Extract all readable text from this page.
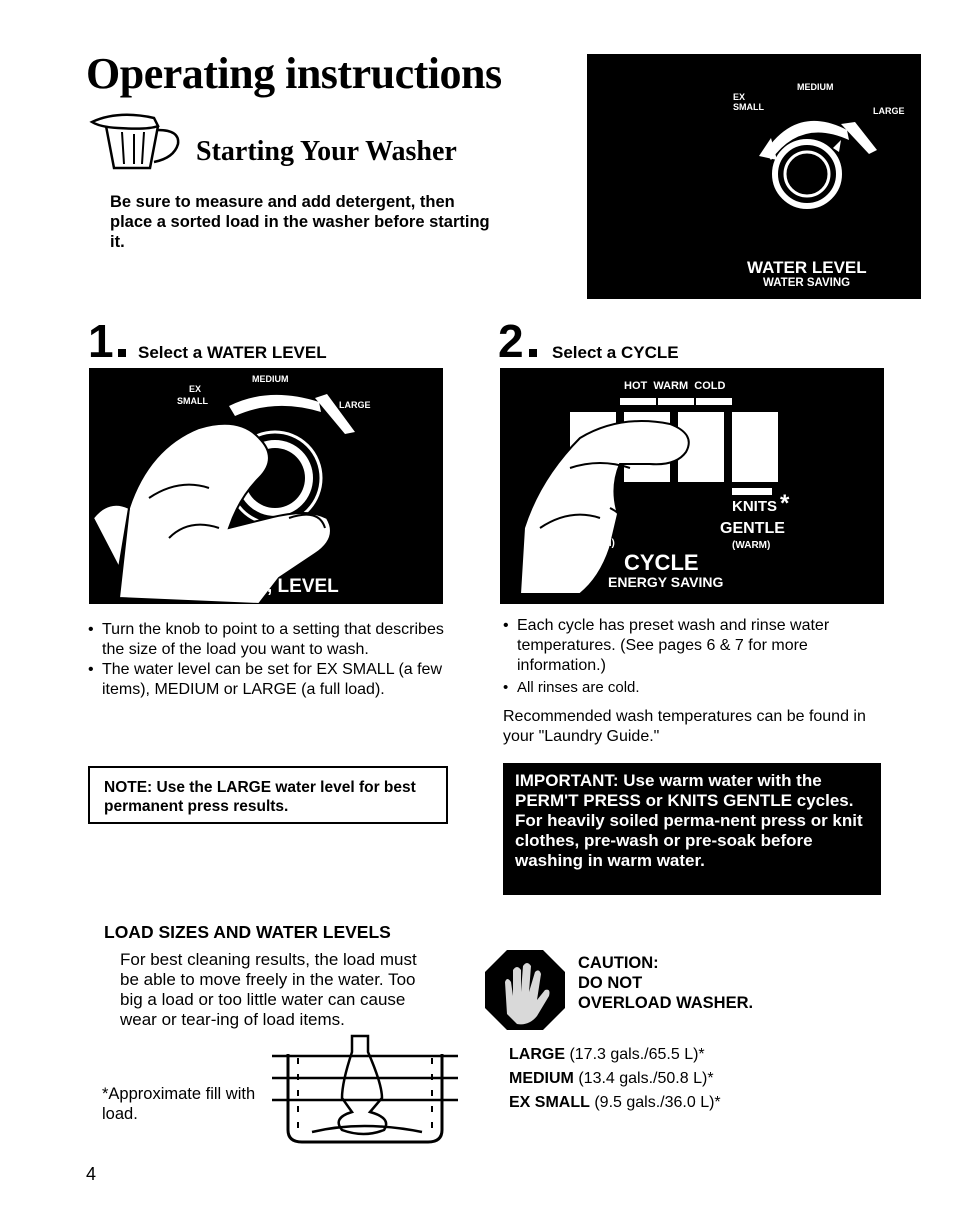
Operating instructions
Starting Your Washer
Be sure to measure and add detergent, then place a sorted load in the washer before starting it.
MEDIUM
EX
SMALL	LARGE
WATER LEVEL
WATER SAVING
1 Select a WATER LEVEL
MEDIUM
EX
SMALL	LARGE
, LEVEL
• Turn the knob to point to a setting that describes the size of the load you want to wash.
• The water level can be set for EX SMALL (a few items), MEDIUM or LARGE (a full load).
NOTE: Use the LARGE water level for best permanent press results.
2 Select a CYCLE
HOT  WARM  COLD
KNITS *
GENTLE
(WARM)
RE..
RM)
CYCLE
ENERGY SAVING
• Each cycle has preset wash and rinse water temperatures. (See pages 6 & 7 for more information.)
• All rinses are cold.
Recommended wash temperatures can be found in your "Laundry Guide."
IMPORTANT: Use warm water with the PERM'T PRESS or KNITS GENTLE cycles. For heavily soiled perma-nent press or knit clothes, pre-wash or pre-soak before washing in warm water.
LOAD SIZES AND WATER LEVELS
For best cleaning results, the load must be able to move freely in the water. Too big a load or too little water can cause wear or tear-ing of load items.
*Approximate fill with load.
CAUTION:
DO NOT
OVERLOAD WASHER.
LARGE (17.3 gals./65.5 L)*
MEDIUM (13.4 gals./50.8 L)*
EX SMALL (9.5 gals./36.0 L)*
4
